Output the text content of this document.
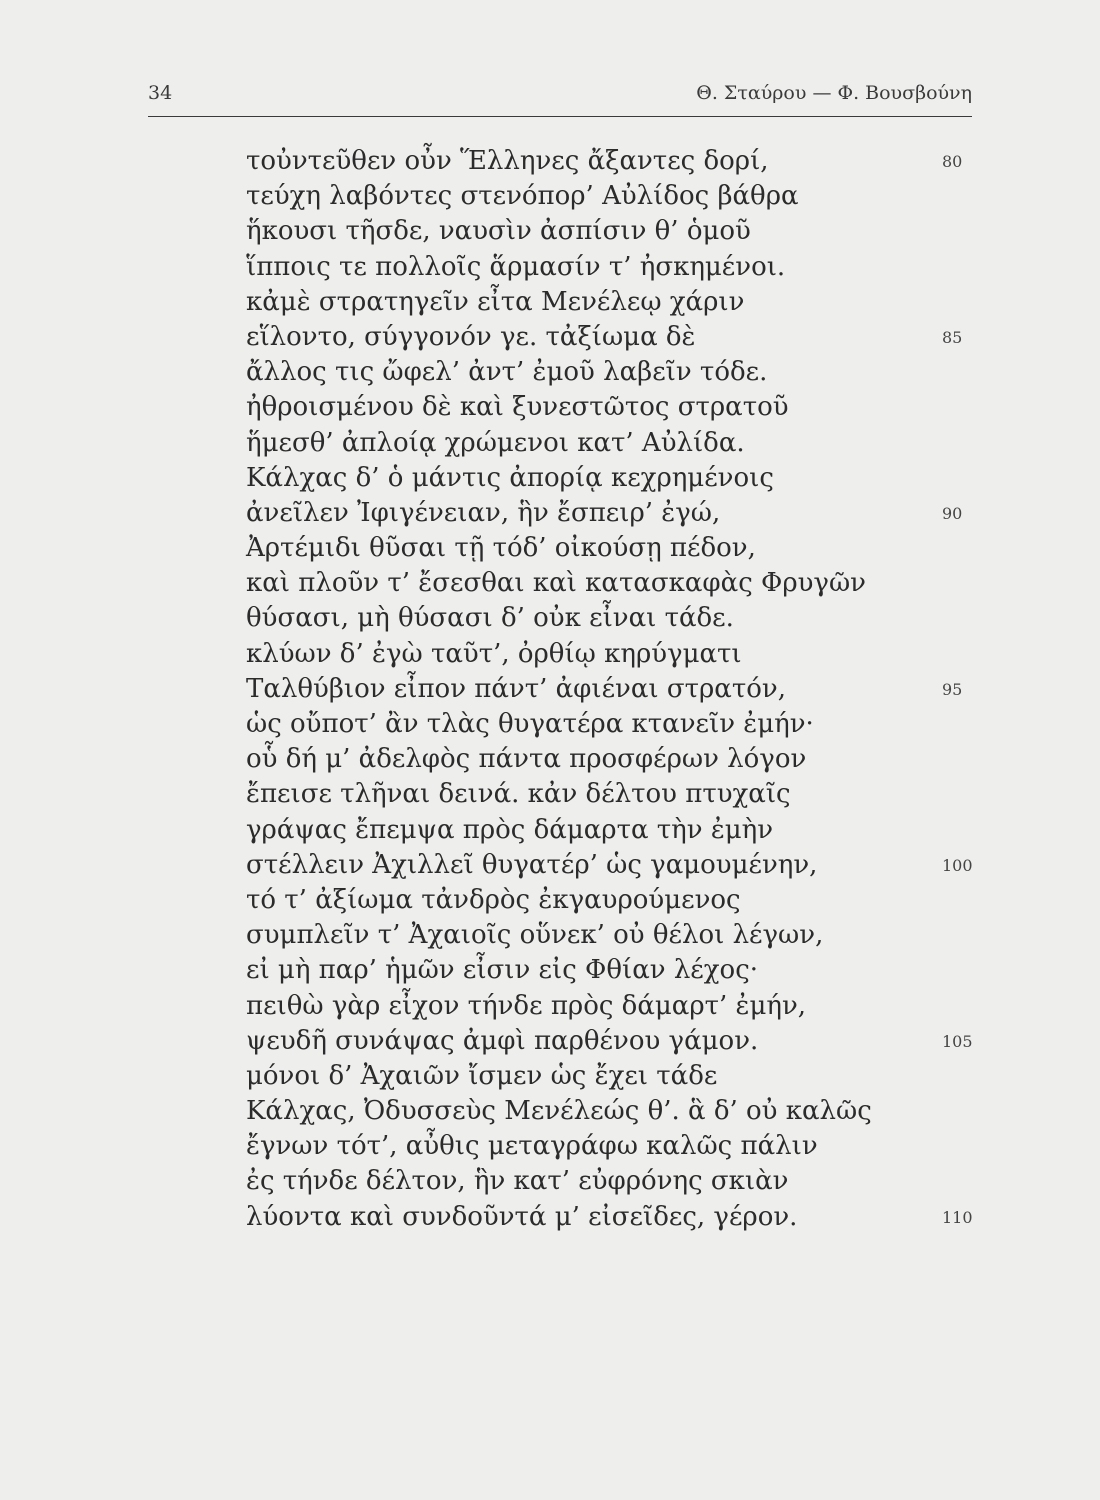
34	Θ. Σταύρου — Φ. Βουσβούνη
τοὐντεῦθεν οὖν Ἕλληνες ἄξαντες δορί,	80
τεύχη λαβόντες στενόπορ’ Αὐλίδος βάθρα
ἥκουσι τῆσδε, ναυσὶν ἀσπίσιν θ’ ὁμοῦ
ἵπποις τε πολλοῖς ἅρμασίν τ’ ἠσκημένοι.
κἀμὲ στρατηγεῖν εἶτα Μενέλεῳ χάριν
εἵλοντο, σύγγονόν γε. τἀξίωμα δὲ	85
ἄλλος τις ὤφελ’ ἀντ’ ἐμοῦ λαβεῖν τόδε.
ἠθροισμένου δὲ καὶ ξυνεστῶτος στρατοῦ
ἥμεσθ’ ἀπλοίᾳ χρώμενοι κατ’ Αὐλίδα.
Κάλχας δ’ ὁ μάντις ἀπορίᾳ κεχρημένοις
ἀνεῖλεν Ἰφιγένειαν, ἣν ἔσπειρ’ ἐγώ,	90
Ἀρτέμιδι θῦσαι τῇ τόδ’ οἰκούσῃ πέδον,
καὶ πλοῦν τ’ ἔσεσθαι καὶ κατασκαφὰς Φρυγῶν
θύσασι, μὴ θύσασι δ’ οὐκ εἶναι τάδε.
κλύων δ’ ἐγὼ ταῦτ’, ὀρθίῳ κηρύγματι
Ταλθύβιον εἶπον πάντ’ ἀφιέναι στρατόν,	95
ὡς οὔποτ’ ἂν τλὰς θυγατέρα κτανεῖν ἐμήν·
οὗ δή μ’ ἀδελφὸς πάντα προσφέρων λόγον
ἔπεισε τλῆναι δεινά. κἀν δέλτου πτυχαῖς
γράψας ἔπεμψα πρὸς δάμαρτα τὴν ἐμὴν
στέλλειν Ἀχιλλεῖ θυγατέρ’ ὡς γαμουμένην,	100
τό τ’ ἀξίωμα τἀνδρὸς ἐκγαυρούμενος
συμπλεῖν τ’ Ἀχαιοῖς οὕνεκ’ οὐ θέλοι λέγων,
εἰ μὴ παρ’ ἡμῶν εἶσιν εἰς Φθίαν λέχος·
πειθὼ γὰρ εἶχον τήνδε πρὸς δάμαρτ’ ἐμήν,
ψευδῆ συνάψας ἀμφὶ παρθένου γάμον.	105
μόνοι δ’ Ἀχαιῶν ἴσμεν ὡς ἔχει τάδε
Κάλχας, Ὀδυσσεὺς Μενέλεώς θ’. ἃ δ’ οὐ καλῶς
ἔγνων τότ’, αὖθις μεταγράφω καλῶς πάλιν
ἐς τήνδε δέλτον, ἣν κατ’ εὐφρόνης σκιὰν
λύοντα καὶ συνδοῦντά μ’ εἰσεῖδες, γέρον.	110
